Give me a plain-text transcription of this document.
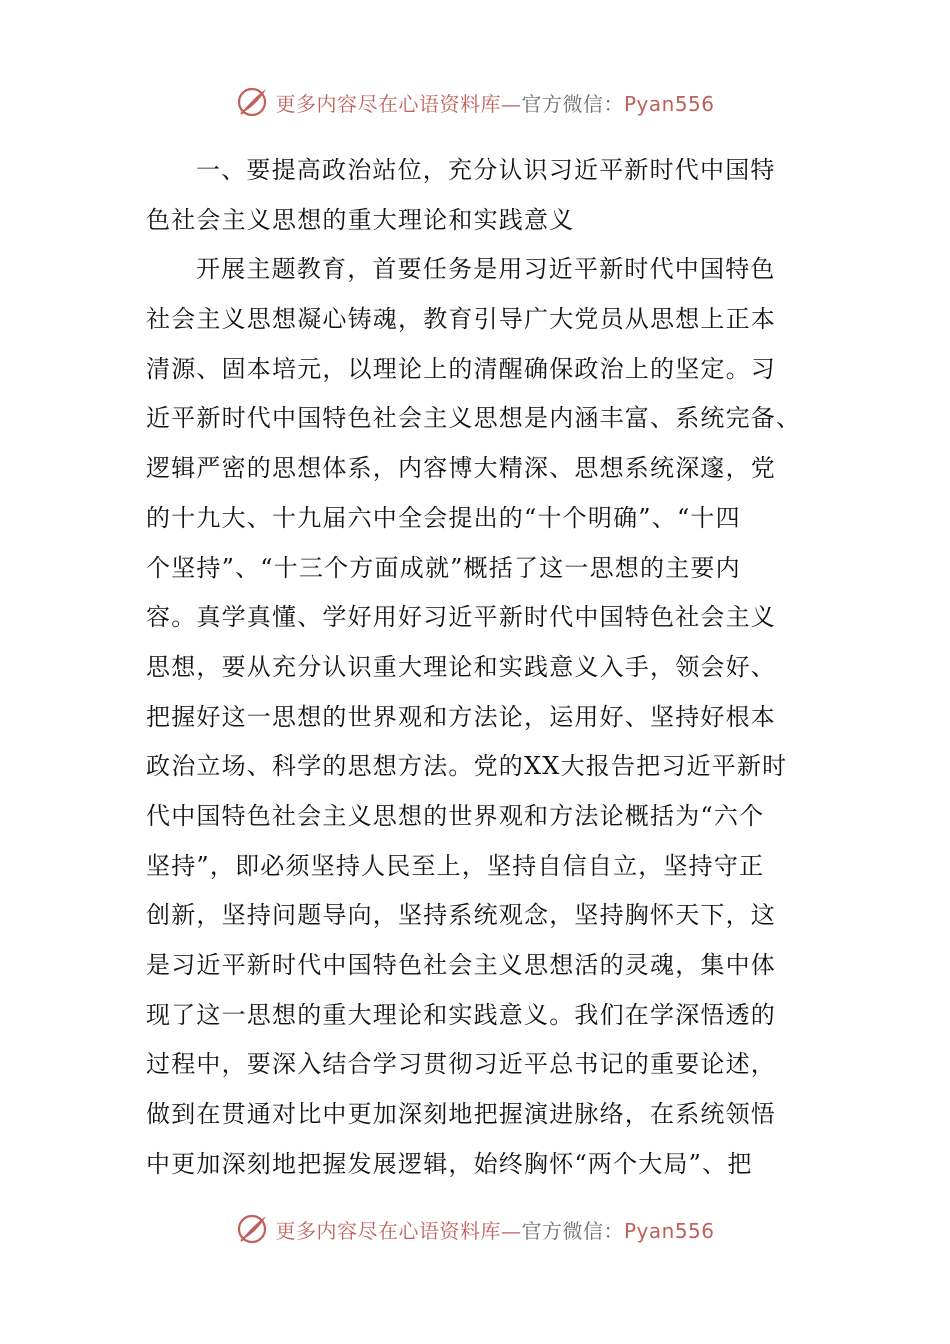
更多内容尽在心语资料库—官方微信：Pyan556
一、要提高政治站位，充分认识习近平新时代中国特
色社会主义思想的重大理论和实践意义
开展主题教育，首要任务是用习近平新时代中国特色
社会主义思想凝心铸魂，教育引导广大党员从思想上正本
清源、固本培元，以理论上的清醒确保政治上的坚定。习
近平新时代中国特色社会主义思想是内涵丰富、系统完备、
逻辑严密的思想体系，内容博大精深、思想系统深邃，党
的十九大、十九届六中全会提出的“十个明确”、“十四
个坚持”、“十三个方面成就”概括了这一思想的主要内
容。真学真懂、学好用好习近平新时代中国特色社会主义
思想，要从充分认识重大理论和实践意义入手，领会好、
把握好这一思想的世界观和方法论，运用好、坚持好根本
政治立场、科学的思想方法。党的XX大报告把习近平新时
代中国特色社会主义思想的世界观和方法论概括为“六个
坚持”，即必须坚持人民至上，坚持自信自立，坚持守正
创新，坚持问题导向，坚持系统观念，坚持胸怀天下，这
是习近平新时代中国特色社会主义思想活的灵魂，集中体
现了这一思想的重大理论和实践意义。我们在学深悟透的
过程中，要深入结合学习贯彻习近平总书记的重要论述，
做到在贯通对比中更加深刻地把握演进脉络，在系统领悟
中更加深刻地把握发展逻辑，始终胸怀“两个大局”、把
更多内容尽在心语资料库—官方微信：Pyan556
